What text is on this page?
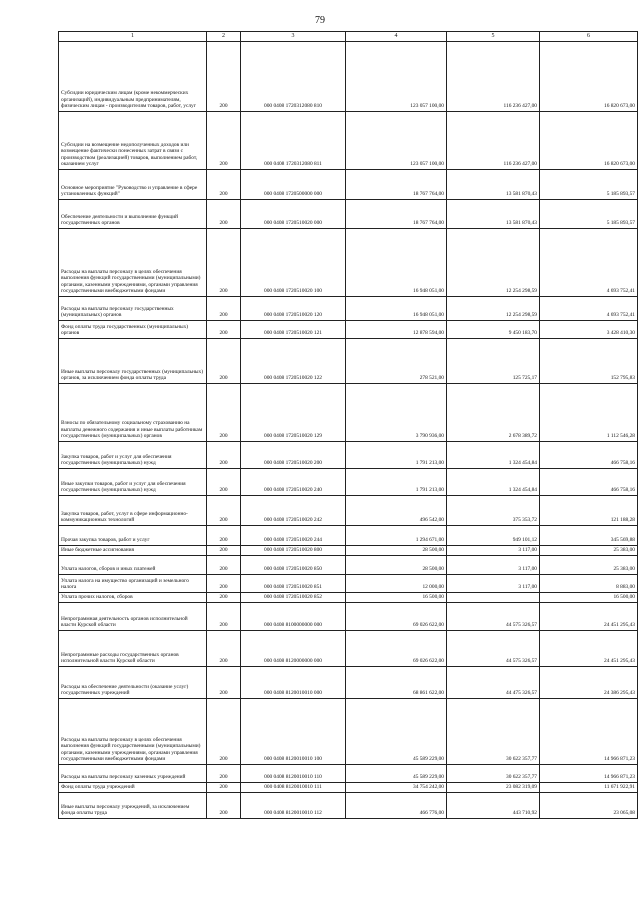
79
1	2	3	4	5	6
Субсидии юридическим лицам (кроме некоммерческих организаций), индивидуальным предпринимателям, физическим лицам - производителям товаров, работ, услуг	200	000 0408 1720312080 810	123 057 100,00	116 236 427,00	16 820 673,00
Субсидии на возмещение недополученных доходов или возмещение фактически понесенных затрат в связи с производством (реализацией) товаров, выполнением работ, оказанием услуг	200	000 0408 1720312080 811	123 057 100,00	116 236 427,00	16 820 673,00
Основное мероприятие "Руководство и управление в сфере установленных функций"	200	000 0408 1720500000 000	18 767 764,00	13 581 870,43	5 185 893,57
Обеспечение деятельности и выполнение функций государственных органов	200	000 0408 1720510020 000	18 767 764,00	13 581 870,43	5 185 893,57
Расходы на выплаты персоналу в целях обеспечения выполнения функций государственными (муниципальными) органами, казенными учреждениями, органами управления государственными внебюджетными фондами	200	000 0408 1720510020 100	16 948 051,00	12 254 298,59	4 693 752,41
Расходы на выплаты персоналу государственных (муниципальных) органов	200	000 0408 1720510020 120	16 948 051,00	12 254 298,59	4 693 752,41
Фонд оплаты труда государственных (муниципальных) органов	200	000 0408 1720510020 121	12 878 594,00	9 450 183,70	3 428 410,30
Иные выплаты персоналу государственных (муниципальных) органов, за исключением фонда оплаты труда	200	000 0408 1720510020 122	278 521,00	125 725,17	152 795,83
Взносы по обязательному социальному страхованию на выплаты денежного содержания и иные выплаты работникам государственных (муниципальных) органов	200	000 0408 1720510020 129	3 790 936,00	2 678 389,72	1 112 546,28
Закупка товаров, работ и услуг для обеспечения государственных (муниципальных) нужд	200	000 0408 1720510020 200	1 791 213,00	1 324 454,84	466 758,16
Иные закупки товаров, работ и услуг для обеспечения государственных (муниципальных) нужд	200	000 0408 1720510020 240	1 791 213,00	1 324 454,84	466 758,16
Закупка товаров, работ, услуг в сфере информационно-коммуникационных технологий	200	000 0408 1720510020 242	496 542,00	375 353,72	121 188,28
Прочая закупка товаров, работ и услуг	200	000 0408 1720510020 244	1 294 671,00	949 101,12	345 569,88
Иные бюджетные ассигнования	200	000 0408 1720510020 800	28 500,00	3 117,00	25 383,00
Уплата налогов, сборов и иных платежей	200	000 0408 1720510020 850	28 500,00	3 117,00	25 383,00
Уплата налога на имущество организаций и земельного налога	200	000 0408 1720510020 851	12 000,00	3 117,00	8 883,00
Уплата прочих налогов, сборов	200	000 0408 1720510020 852	16 500,00		16 500,00
Непрограммная деятельность органов исполнительной власти Курской области	200	000 0408 8100000000 000	69 026 622,00	44 575 326,57	24 451 295,43
Непрограммные расходы государственных органов исполнительной власти Курской области	200	000 0408 8120000000 000	69 026 622,00	44 575 326,57	24 451 295,43
Расходы на обеспечение деятельности (оказание услуг) государственных учреждений	200	000 0408 8120010010 000	68 861 622,00	44 475 326,57	24 386 295,43
Расходы на выплаты персоналу в целях обеспечения выполнения функций государственными (муниципальными) органами, казенными учреждениями, органами управления государственными внебюджетными фондами	200	000 0408 8120010010 100	45 589 229,00	30 622 357,77	14 966 871,23
Расходы на выплаты персоналу казенных учреждений	200	000 0408 8120010010 110	45 589 229,00	30 622 357,77	14 966 871,23
Фонд оплаты труда учреждений	200	000 0408 8120010010 111	34 754 242,00	23 082 319,09	11 671 922,91
Иные выплаты персоналу учреждений, за исключением фонда оплаты труда	200	000 0408 8120010010 112	466 776,00	443 710,92	23 065,08
